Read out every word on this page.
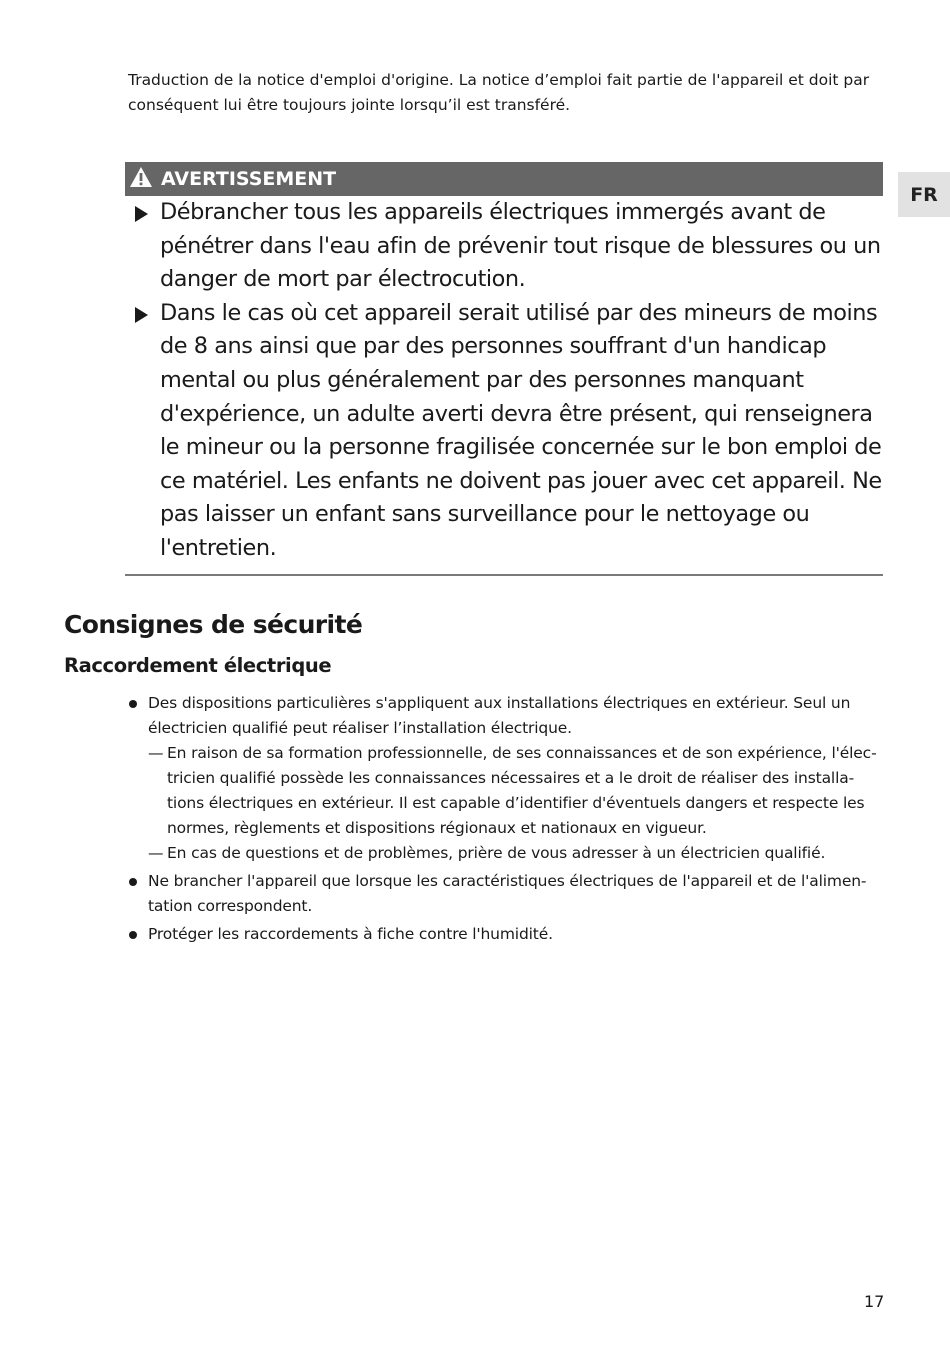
Traduction de la notice d'emploi d'origine. La notice d’emploi fait partie de l'appareil et doit par conséquent lui être toujours jointe lorsqu’il est transféré.

FR
AVERTISSEMENT
Débrancher tous les appareils électriques immergés avant de pénétrer dans l'eau afin de prévenir tout risque de blessures ou un danger de mort par électrocution.
Dans le cas où cet appareil serait utilisé par des mineurs de moins de 8 ans ainsi que par des personnes souffrant d'un handicap mental ou plus généralement par des personnes manquant d'expérience, un adulte averti devra être présent, qui renseignera le mineur ou la personne fragilisée concernée sur le bon emploi de ce matériel. Les enfants ne doivent pas jouer avec cet appareil. Ne pas laisser un enfant sans surveillance pour le nettoyage ou l'entretien.
Consignes de sécurité
Raccordement électrique
Des dispositions particulières s'appliquent aux installations électriques en extérieur. Seul un électricien qualifié peut réaliser l’installation électrique.
— En raison de sa formation professionnelle, de ses connaissances et de son expérience, l'électricien qualifié possède les connaissances nécessaires et a le droit de réaliser des installations électriques en extérieur. Il est capable d’identifier d'éventuels dangers et respecte les normes, règlements et dispositions régionaux et nationaux en vigueur.
— En cas de questions et de problèmes, prière de vous adresser à un électricien qualifié.
Ne brancher l'appareil que lorsque les caractéristiques électriques de l'appareil et de l'alimentation correspondent.
Protéger les raccordements à fiche contre l'humidité.
17
